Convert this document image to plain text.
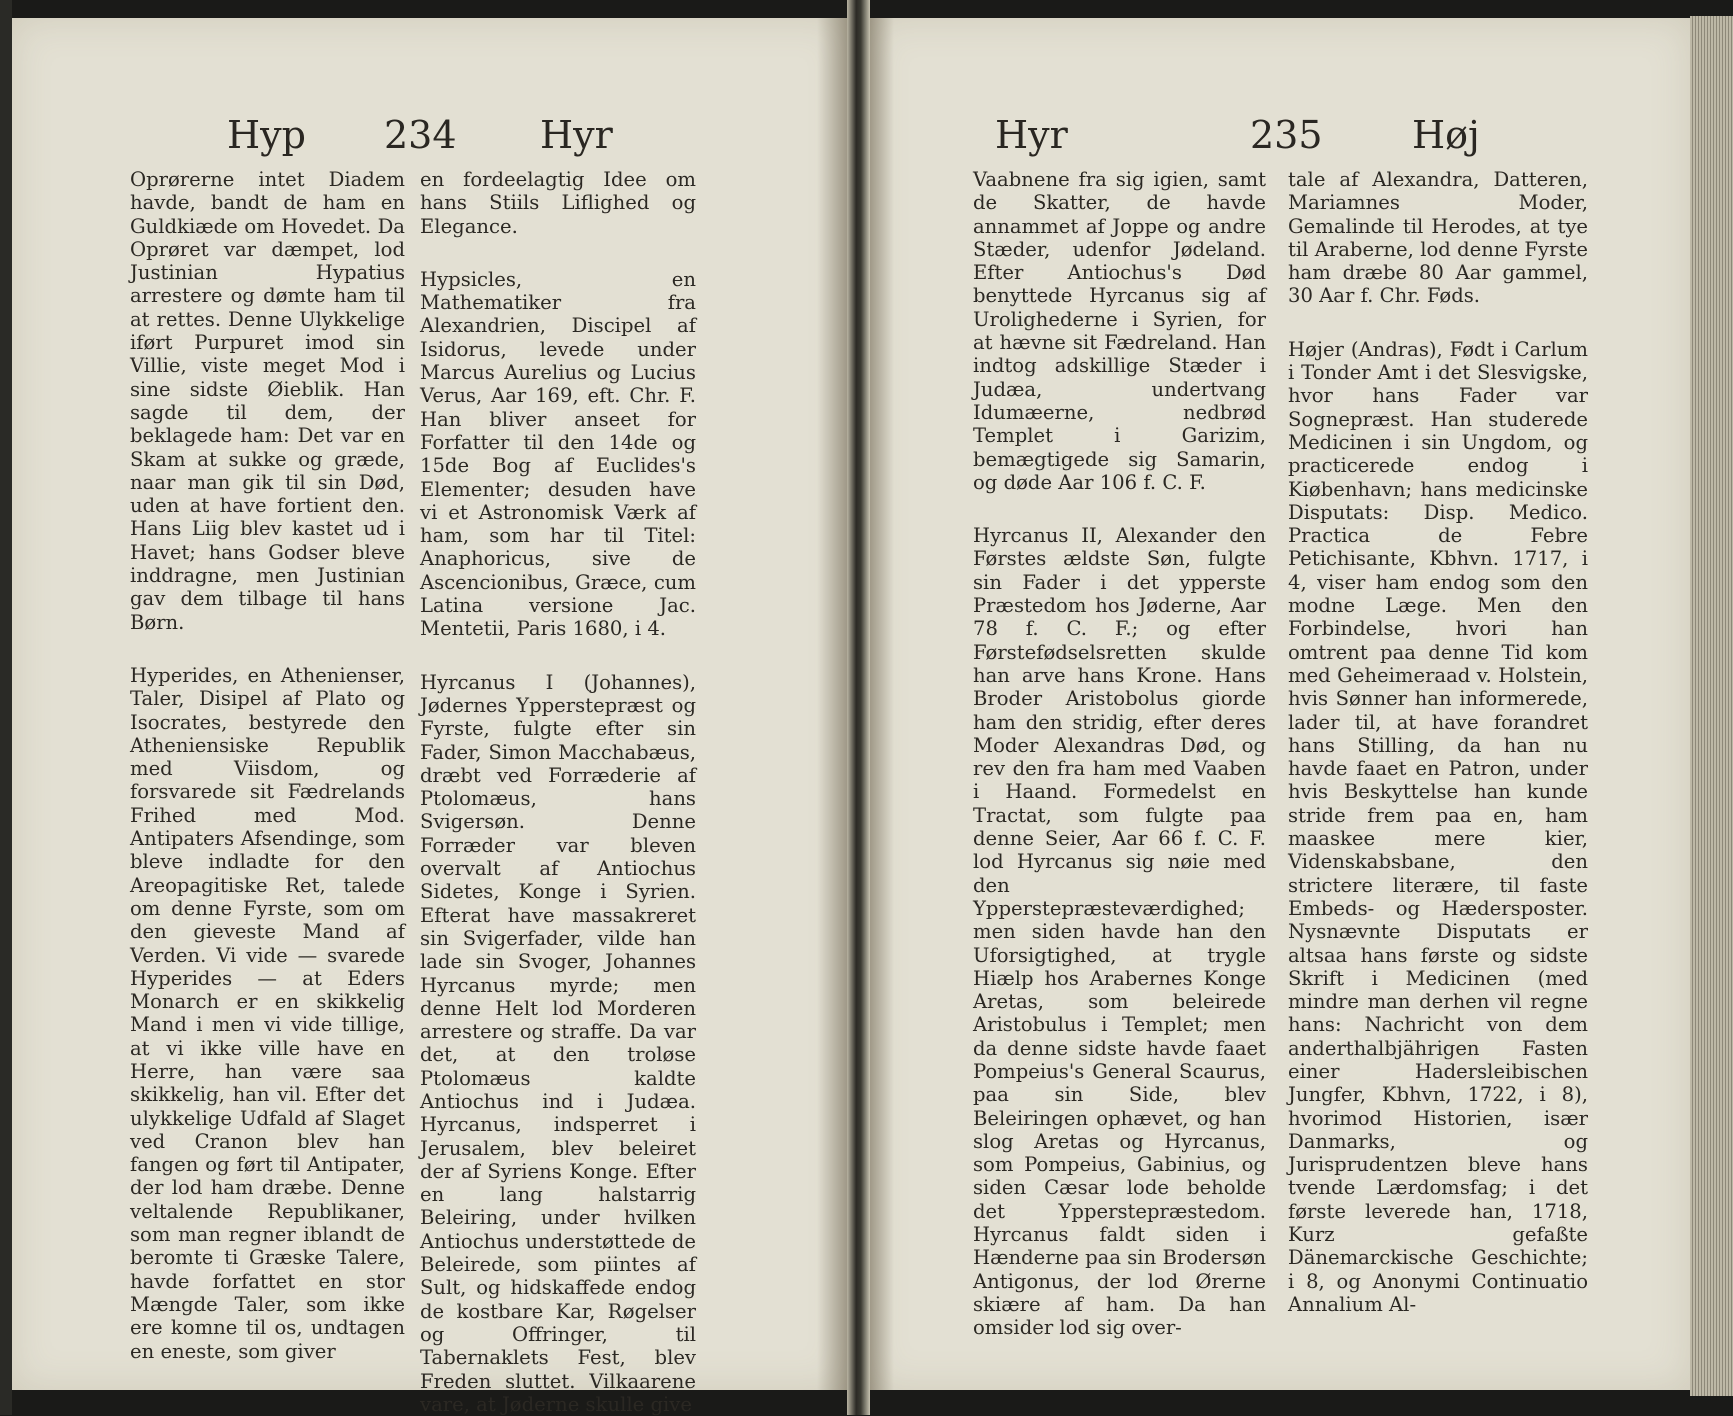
Hyp 234 Hyr

Oprørerne intet Diadem havde, bandt de ham en Guldkiæde om Hovedet. Da Oprøret var dæmpet, lod Justinian Hypatius arrestere og dømte ham til at rettes. Denne Ulykkelige iført Purpuret imod sin Villie, viste meget Mod i sine sidste Øieblik. Han sagde til dem, der beklagede ham: Det var en Skam at sukke og græde, naar man gik til sin Død, uden at have fortient den. Hans Liig blev kastet ud i Havet; hans Godser bleve inddragne, men Justinian gav dem tilbage til hans Børn.

Hyperides, en Athenienser, Taler, Disipel af Plato og Isocrates, bestyrede den Atheniensiske Republik med Viisdom, og forsvarede sit Fædrelands Frihed med Mod. Antipaters Afsendinge, som bleve indladte for den Areopagitiske Ret, talede om denne Fyrste, som om den gieveste Mand af Verden. Vi vide — svarede Hyperides — at Eders Monarch er en skikkelig Mand i men vi vide tillige, at vi ikke ville have en Herre, han være saa skikkelig, han vil. Efter det ulykkelige Udfald af Slaget ved Cranon blev han fangen og ført til Antipater, der lod ham dræbe. Denne veltalende Republikaner, som man regner iblandt de beromte ti Græske Talere, havde forfattet en stor Mængde Taler, som ikke ere komne til os, undtagen en eneste, som giver

en fordeelagtig Idee om hans Stiils Liflighed og Elegance.

Hypsicles, en Mathematiker fra Alexandrien, Discipel af Isidorus, levede under Marcus Aurelius og Lucius Verus, Aar 169, eft. Chr. F. Han bliver anseet for Forfatter til den 14de og 15de Bog af Euclides's Elementer; desuden have vi et Astronomisk Værk af ham, som har til Titel: Anaphoricus, sive de Ascencionibus, Græce, cum Latina versione Jac. Mentetii, Paris 1680, i 4.

Hyrcanus I (Johannes), Jødernes Ypperstepræst og Fyrste, fulgte efter sin Fader, Simon Macchabæus, dræbt ved Forræderie af Ptolomæus, hans Svigersøn. Denne Forræder var bleven overvalt af Antiochus Sidetes, Konge i Syrien. Efterat have massakreret sin Svigerfader, vilde han lade sin Svoger, Johannes Hyrcanus myrde; men denne Helt lod Morderen arrestere og straffe. Da var det, at den troløse Ptolomæus kaldte Antiochus ind i Judæa. Hyrcanus, indsperret i Jerusalem, blev beleiret der af Syriens Konge. Efter en lang halstarrig Beleiring, under hvilken Antiochus understøttede de Beleirede, som piintes af Sult, og hidskaffede endog de kostbare Kar, Røgelser og Offringer, til Tabernaklets Fest, blev Freden sluttet. Vilkaarene vare, at Jøderne skulle give

Hyr	235 Høj

Vaabnene fra sig igien, samt de Skatter, de havde annammet af Joppe og andre Stæder, udenfor Jødeland. Efter Antiochus's Død benyttede Hyrcanus sig af Urolighederne i Syrien, for at hævne sit Fædreland. Han indtog adskillige Stæder i Judæa, undertvang Idumæerne, nedbrød Templet i Garizim, bemægtigede sig Samarin, og døde Aar 106 f. C. F.

Hyrcanus II, Alexander den Førstes ældste Søn, fulgte sin Fader i det ypperste Præstedom hos Jøderne, Aar 78 f. C. F.; og efter Førstefødselsretten skulde han arve hans Krone. Hans Broder Aristobolus giorde ham den stridig, efter deres Moder Alexandras Død, og rev den fra ham med Vaaben i Haand. Formedelst en Tractat, som fulgte paa denne Seier, Aar 66 f. C. F. lod Hyrcanus sig nøie med den Ypperstepræsteværdighed; men siden havde han den Uforsigtighed, at trygle Hiælp hos Arabernes Konge Aretas, som beleirede Aristobulus i Templet; men da denne sidste havde faaet Pompeius's General Scaurus, paa sin Side, blev Beleiringen ophævet, og han slog Aretas og Hyrcanus, som Pompeius, Gabinius, og siden Cæsar lode beholde det Ypperstepræstedom. Hyrcanus faldt siden i Hænderne paa sin Brodersøn Antigonus, der lod Ørerne skiære af ham. Da han omsider lod sig over-

tale af Alexandra, Datteren, Mariamnes Moder, Gemalinde til Herodes, at tye til Araberne, lod denne Fyrste ham dræbe 80 Aar gammel, 30 Aar f. Chr. Føds.

Højer (Andras), Født i Carlum i Tonder Amt i det Slesvigske, hvor hans Fader var Sognepræst. Han studerede Medicinen i sin Ungdom, og practicerede endog i Kiøbenhavn; hans medicinske Disputats: Disp. Medico. Practica de Febre Petichisante, Kbhvn. 1717, i 4, viser ham endog som den modne Læge. Men den Forbindelse, hvori han omtrent paa denne Tid kom med Geheimeraad v. Holstein, hvis Sønner han informerede, lader til, at have forandret hans Stilling, da han nu havde faaet en Patron, under hvis Beskyttelse han kunde stride frem paa en, ham maaskee mere kier, Videnskabsbane, den strictere literære, til faste Embeds- og Hædersposter. Nysnævnte Disputats er altsaa hans første og sidste Skrift i Medicinen (med mindre man derhen vil regne hans: Nachricht von dem anderthalbjährigen Fasten einer Hadersleibischen Jungfer, Kbhvn, 1722, i 8), hvorimod Historien, især Danmarks, og Jurisprudentzen bleve hans tvende Lærdomsfag; i det første leverede han, 1718, Kurz gefaßte Dänemarckische Geschichte; i 8, og Anonymi Continuatio Annalium Al-
